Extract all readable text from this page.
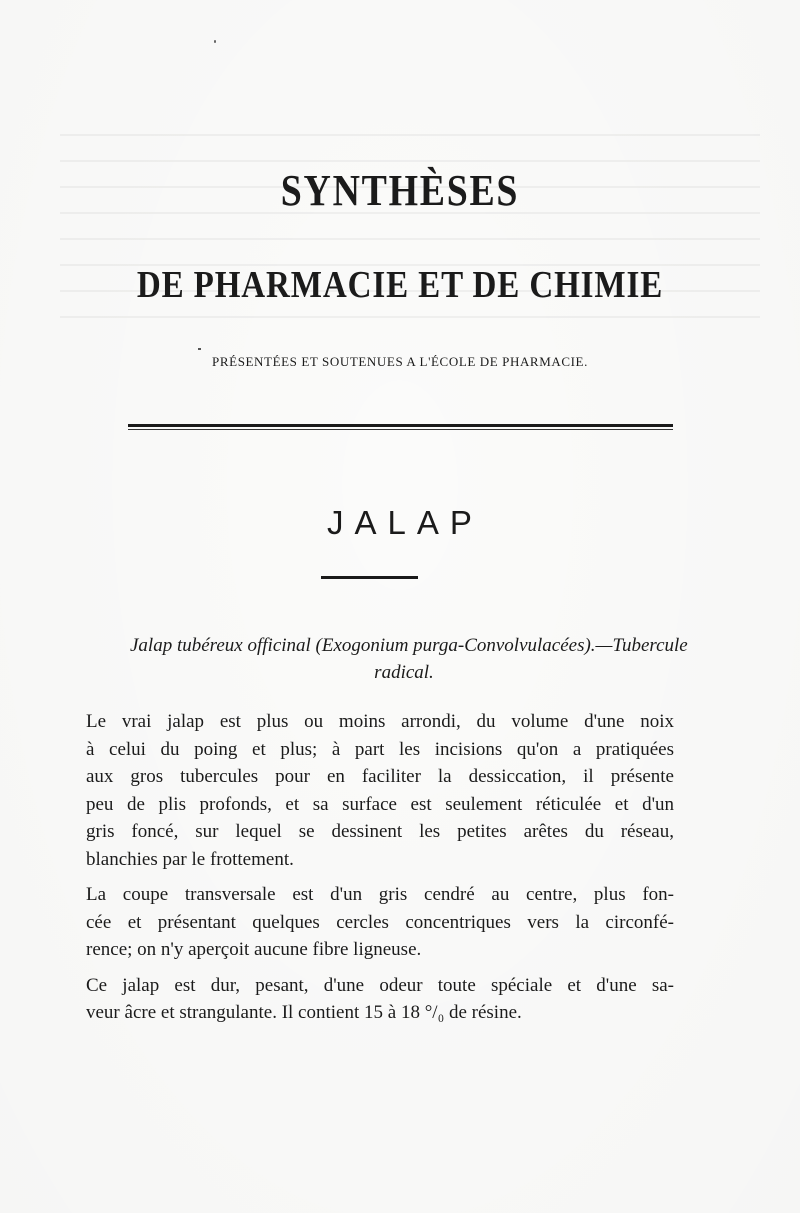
SYNTHÈSES
DE PHARMACIE ET DE CHIMIE
PRÉSENTÉES ET SOUTENUES A L'ÉCOLE DE PHARMACIE.
JALAP
Jalap tubéreux officinal (Exogonium purga-Convolvulacées).—Tubercule
radical.
Le vrai jalap est plus ou moins arrondi, du volume d'une noix
à celui du poing et plus; à part les incisions qu'on a pratiquées
aux gros tubercules pour en faciliter la dessiccation, il présente
peu de plis profonds, et sa surface est seulement réticulée et d'un
gris foncé, sur lequel se dessinent les petites arêtes du réseau,
blanchies par le frottement.
La coupe transversale est d'un gris cendré au centre, plus fon-
cée et présentant quelques cercles concentriques vers la circonfé-
rence; on n'y aperçoit aucune fibre ligneuse.
Ce jalap est dur, pesant, d'une odeur toute spéciale et d'une sa-
veur âcre et strangulante. Il contient 15 à 18 °/₀ de résine.
